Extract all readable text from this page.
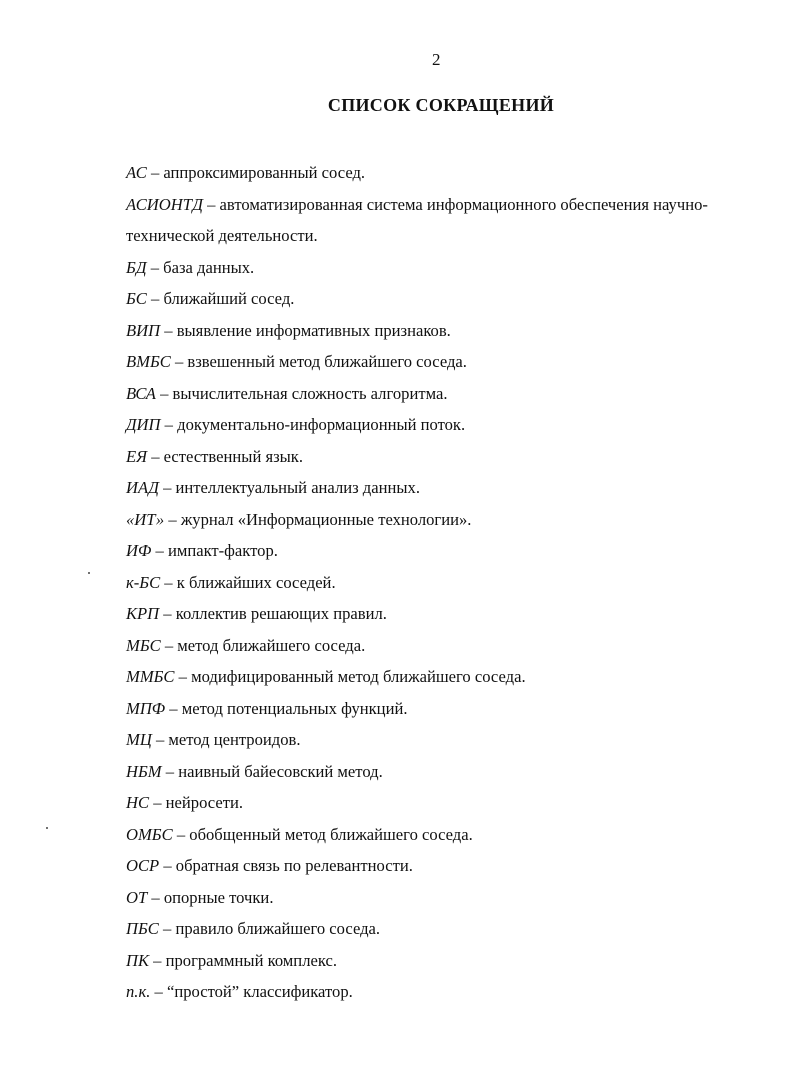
2
СПИСОК СОКРАЩЕНИЙ

АС – аппроксимированный сосед.

АСИОНТД – автоматизированная система информационного обеспечения научно-технической деятельности.

БД – база данных.

БС – ближайший сосед.

ВИП – выявление информативных признаков.

ВМБС – взвешенный метод ближайшего соседа.

ВСА – вычислительная сложность алгоритма.

ДИП – документально-информационный поток.

ЕЯ – естественный язык.

ИАД – интеллектуальный анализ данных.

«ИТ» – журнал «Информационные технологии».

ИФ – импакт-фактор.

к-БС – к ближайших соседей.

КРП – коллектив решающих правил.

МБС – метод ближайшего соседа.

ММБС – модифицированный метод ближайшего соседа.

МПФ – метод потенциальных функций.

МЦ – метод центроидов.

НБМ – наивный байесовский метод.

НС – нейросети.

ОМБС – обобщенный метод ближайшего соседа.

ОСР – обратная связь по релевантности.

ОТ – опорные точки.

ПБС – правило ближайшего соседа.

ПК – программный комплекс.

п.к. – “простой” классификатор.
